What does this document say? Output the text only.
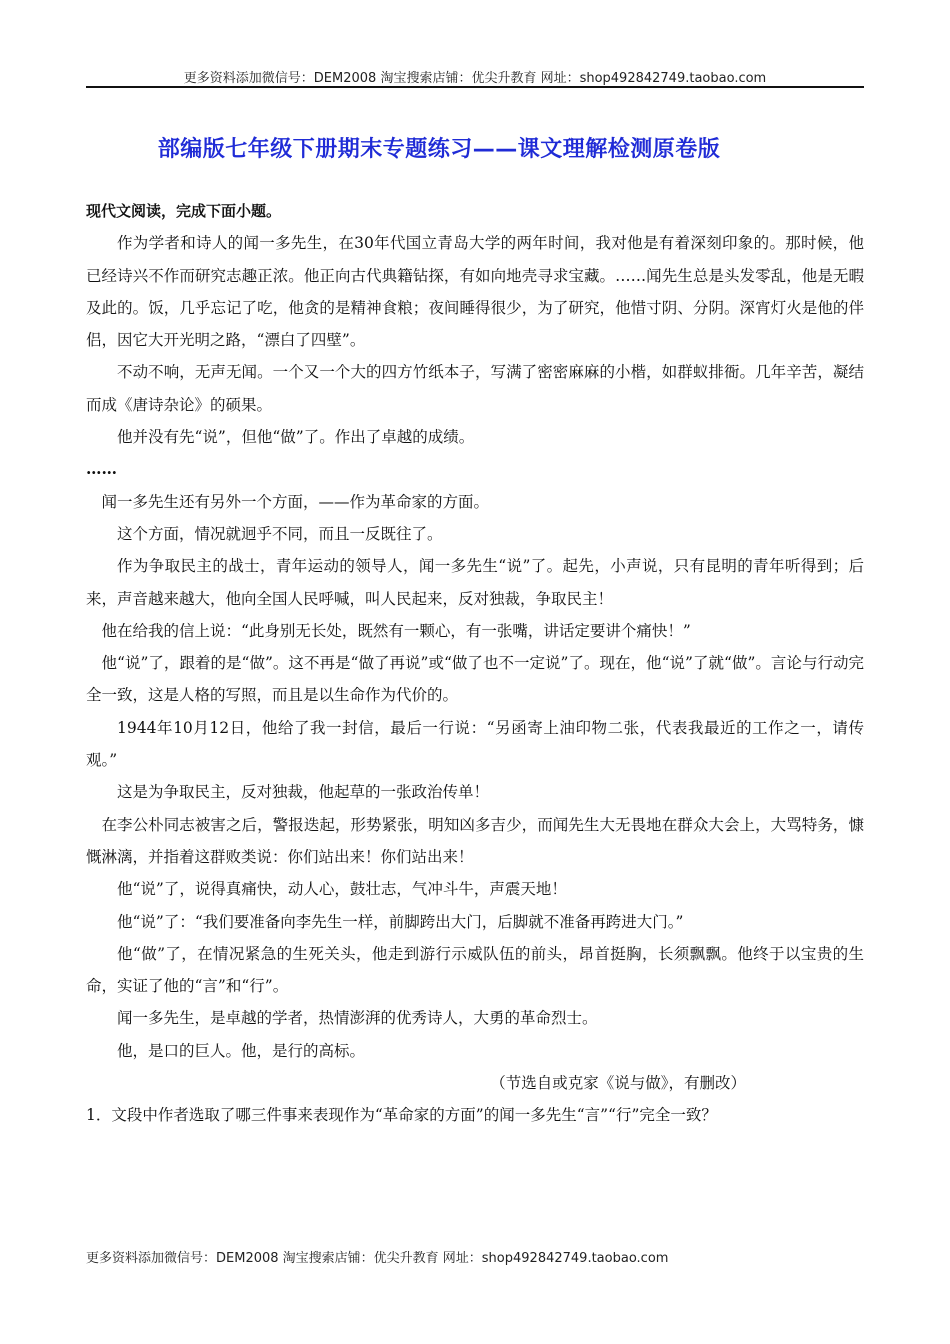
更多资料添加微信号：DEM2008 淘宝搜索店铺：优尖升教育 网址：shop492842749.taobao.com
部编版七年级下册期末专题练习——课文理解检测原卷版

现代文阅读，完成下面小题。

作为学者和诗人的闻一多先生，在30年代国立青岛大学的两年时间，我对他是有着深刻印象的。那时候，他已经诗兴不作而研究志趣正浓。他正向古代典籍钻探，有如向地壳寻求宝藏。……闻先生总是头发零乱，他是无暇及此的。饭，几乎忘记了吃，他贪的是精神食粮；夜间睡得很少，为了研究，他惜寸阴、分阴。深宵灯火是他的伴侣，因它大开光明之路，“漂白了四壁”。

不动不响，无声无闻。一个又一个大的四方竹纸本子，写满了密密麻麻的小楷，如群蚁排衙。几年辛苦，凝结而成《唐诗杂论》的硕果。

他并没有先“说”，但他“做”了。作出了卓越的成绩。

……

闻一多先生还有另外一个方面，——作为革命家的方面。

这个方面，情况就迥乎不同，而且一反既往了。

作为争取民主的战士，青年运动的领导人，闻一多先生“说”了。起先，小声说，只有昆明的青年听得到；后来，声音越来越大，他向全国人民呼喊，叫人民起来，反对独裁，争取民主！

他在给我的信上说：“此身别无长处，既然有一颗心，有一张嘴，讲话定要讲个痛快！”

他“说”了，跟着的是“做”。这不再是“做了再说”或“做了也不一定说”了。现在，他“说”了就“做”。言论与行动完全一致，这是人格的写照，而且是以生命作为代价的。

1944年10月12日，他给了我一封信，最后一行说：“另函寄上油印物二张，代表我最近的工作之一，请传观。”

这是为争取民主，反对独裁，他起草的一张政治传单！

在李公朴同志被害之后，警报迭起，形势紧张，明知凶多吉少，而闻先生大无畏地在群众大会上，大骂特务，慷慨淋漓，并指着这群败类说：你们站出来！你们站出来！

他“说”了，说得真痛快，动人心，鼓壮志，气冲斗牛，声震天地！

他“说”了：“我们要准备向李先生一样，前脚跨出大门，后脚就不准备再跨进大门。”

他“做”了，在情况紧急的生死关头，他走到游行示威队伍的前头，昂首挺胸，长须飘飘。他终于以宝贵的生命，实证了他的“言”和“行”。

闻一多先生，是卓越的学者，热情澎湃的优秀诗人，大勇的革命烈士。

他，是口的巨人。他，是行的高标。

（节选自或克家《说与做》，有删改）

1．文段中作者选取了哪三件事来表现作为“革命家的方面”的闻一多先生“言”“行”完全一致？

更多资料添加微信号：DEM2008 淘宝搜索店铺：优尖升教育 网址：shop492842749.taobao.com
